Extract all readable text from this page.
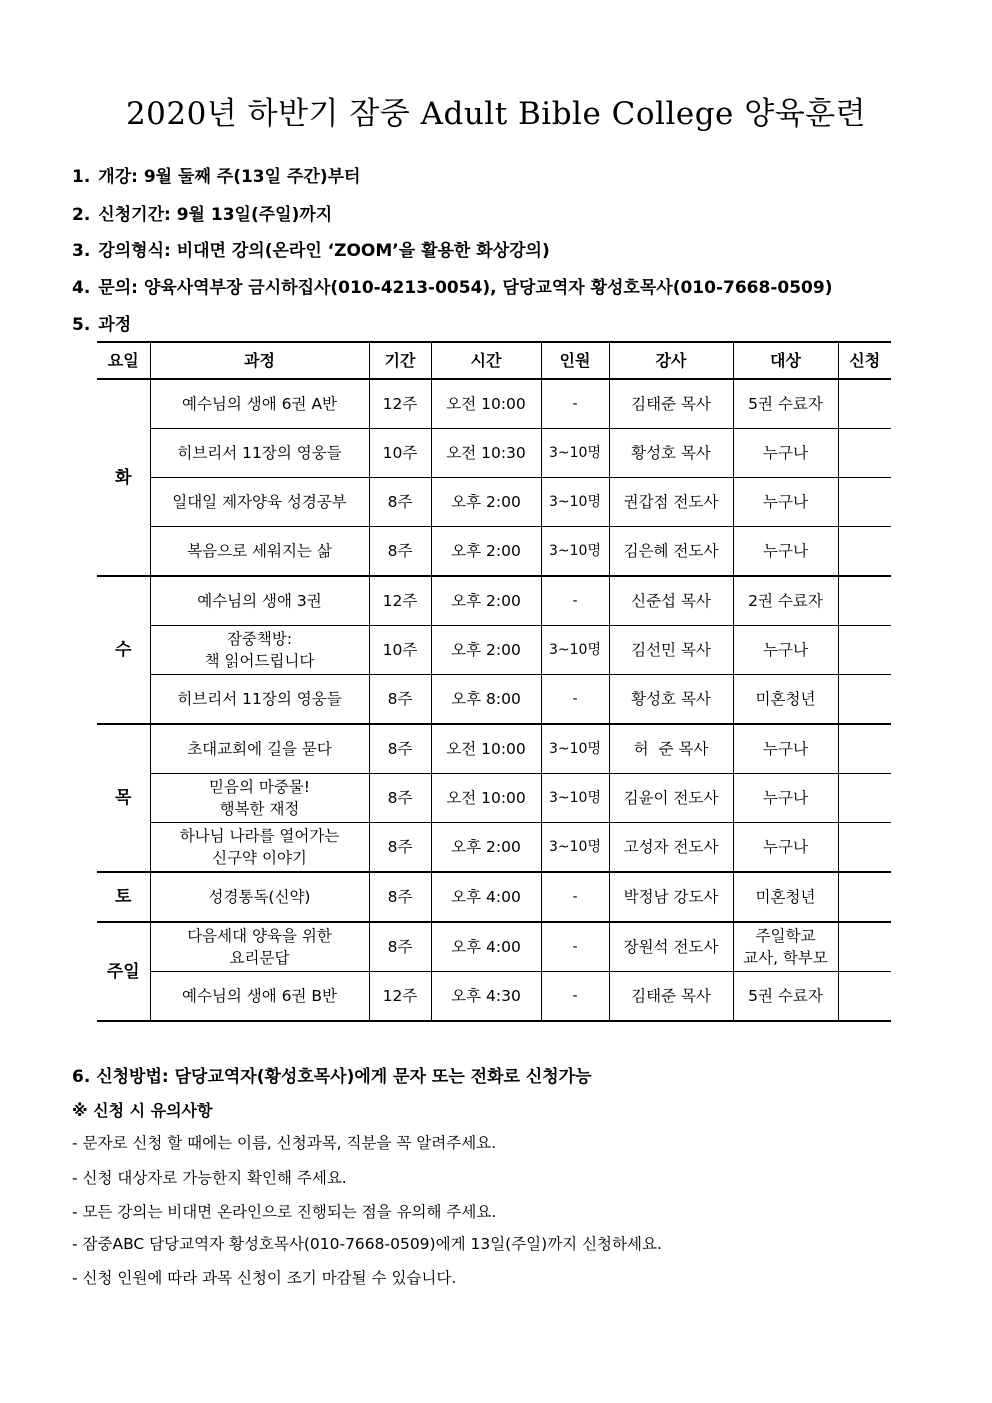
2020년 하반기 잠중 Adult Bible College 양육훈련
1. 개강: 9월 둘째 주(13일 주간)부터
2. 신청기간: 9월 13일(주일)까지
3. 강의형식: 비대면 강의(온라인 ‘ZOOM’을 활용한 화상강의)
4. 문의: 양육사역부장 금시하집사(010-4213-0054), 담당교역자 황성호목사(010-7668-0509)
5. 과정
요일	과정	기간	시간	인원	강사	대상	신청
화	예수님의 생애 6권 A반	12주	오전 10:00	-	김태준 목사	5권 수료자	
	히브리서 11장의 영웅들	10주	오전 10:30	3~10명	황성호 목사	누구나	
	일대일 제자양육 성경공부	8주	오후 2:00	3~10명	권갑점 전도사	누구나	
	복음으로 세워지는 삶	8주	오후 2:00	3~10명	김은혜 전도사	누구나	
수	예수님의 생애 3권	12주	오후 2:00	-	신준섭 목사	2권 수료자	
	잠중책방:
책 읽어드립니다	10주	오후 2:00	3~10명	김선민 목사	누구나	
	히브리서 11장의 영웅들	8주	오후 8:00	-	황성호 목사	미혼청년	
목	초대교회에 길을 묻다	8주	오전 10:00	3~10명	허  준 목사	누구나	
	믿음의 마중물!
행복한 재정	8주	오전 10:00	3~10명	김윤이 전도사	누구나	
	하나님 나라를 열어가는
신구약 이야기	8주	오후 2:00	3~10명	고성자 전도사	누구나	
토	성경통독(신약)	8주	오후 4:00	-	박정남 강도사	미혼청년	
주일	다음세대 양육을 위한
요리문답	8주	오후 4:00	-	장원석 전도사	주일학교
교사, 학부모	
	예수님의 생애 6권 B반	12주	오후 4:30	-	김태준 목사	5권 수료자	
6. 신청방법: 담당교역자(황성호목사)에게 문자 또는 전화로 신청가능
※ 신청 시 유의사항
- 문자로 신청 할 때에는 이름, 신청과목, 직분을 꼭 알려주세요.
- 신청 대상자로 가능한지 확인해 주세요.
- 모든 강의는 비대면 온라인으로 진행되는 점을 유의해 주세요.
- 잠중ABC 담당교역자 황성호목사(010-7668-0509)에게 13일(주일)까지 신청하세요.
- 신청 인원에 따라 과목 신청이 조기 마감될 수 있습니다.
